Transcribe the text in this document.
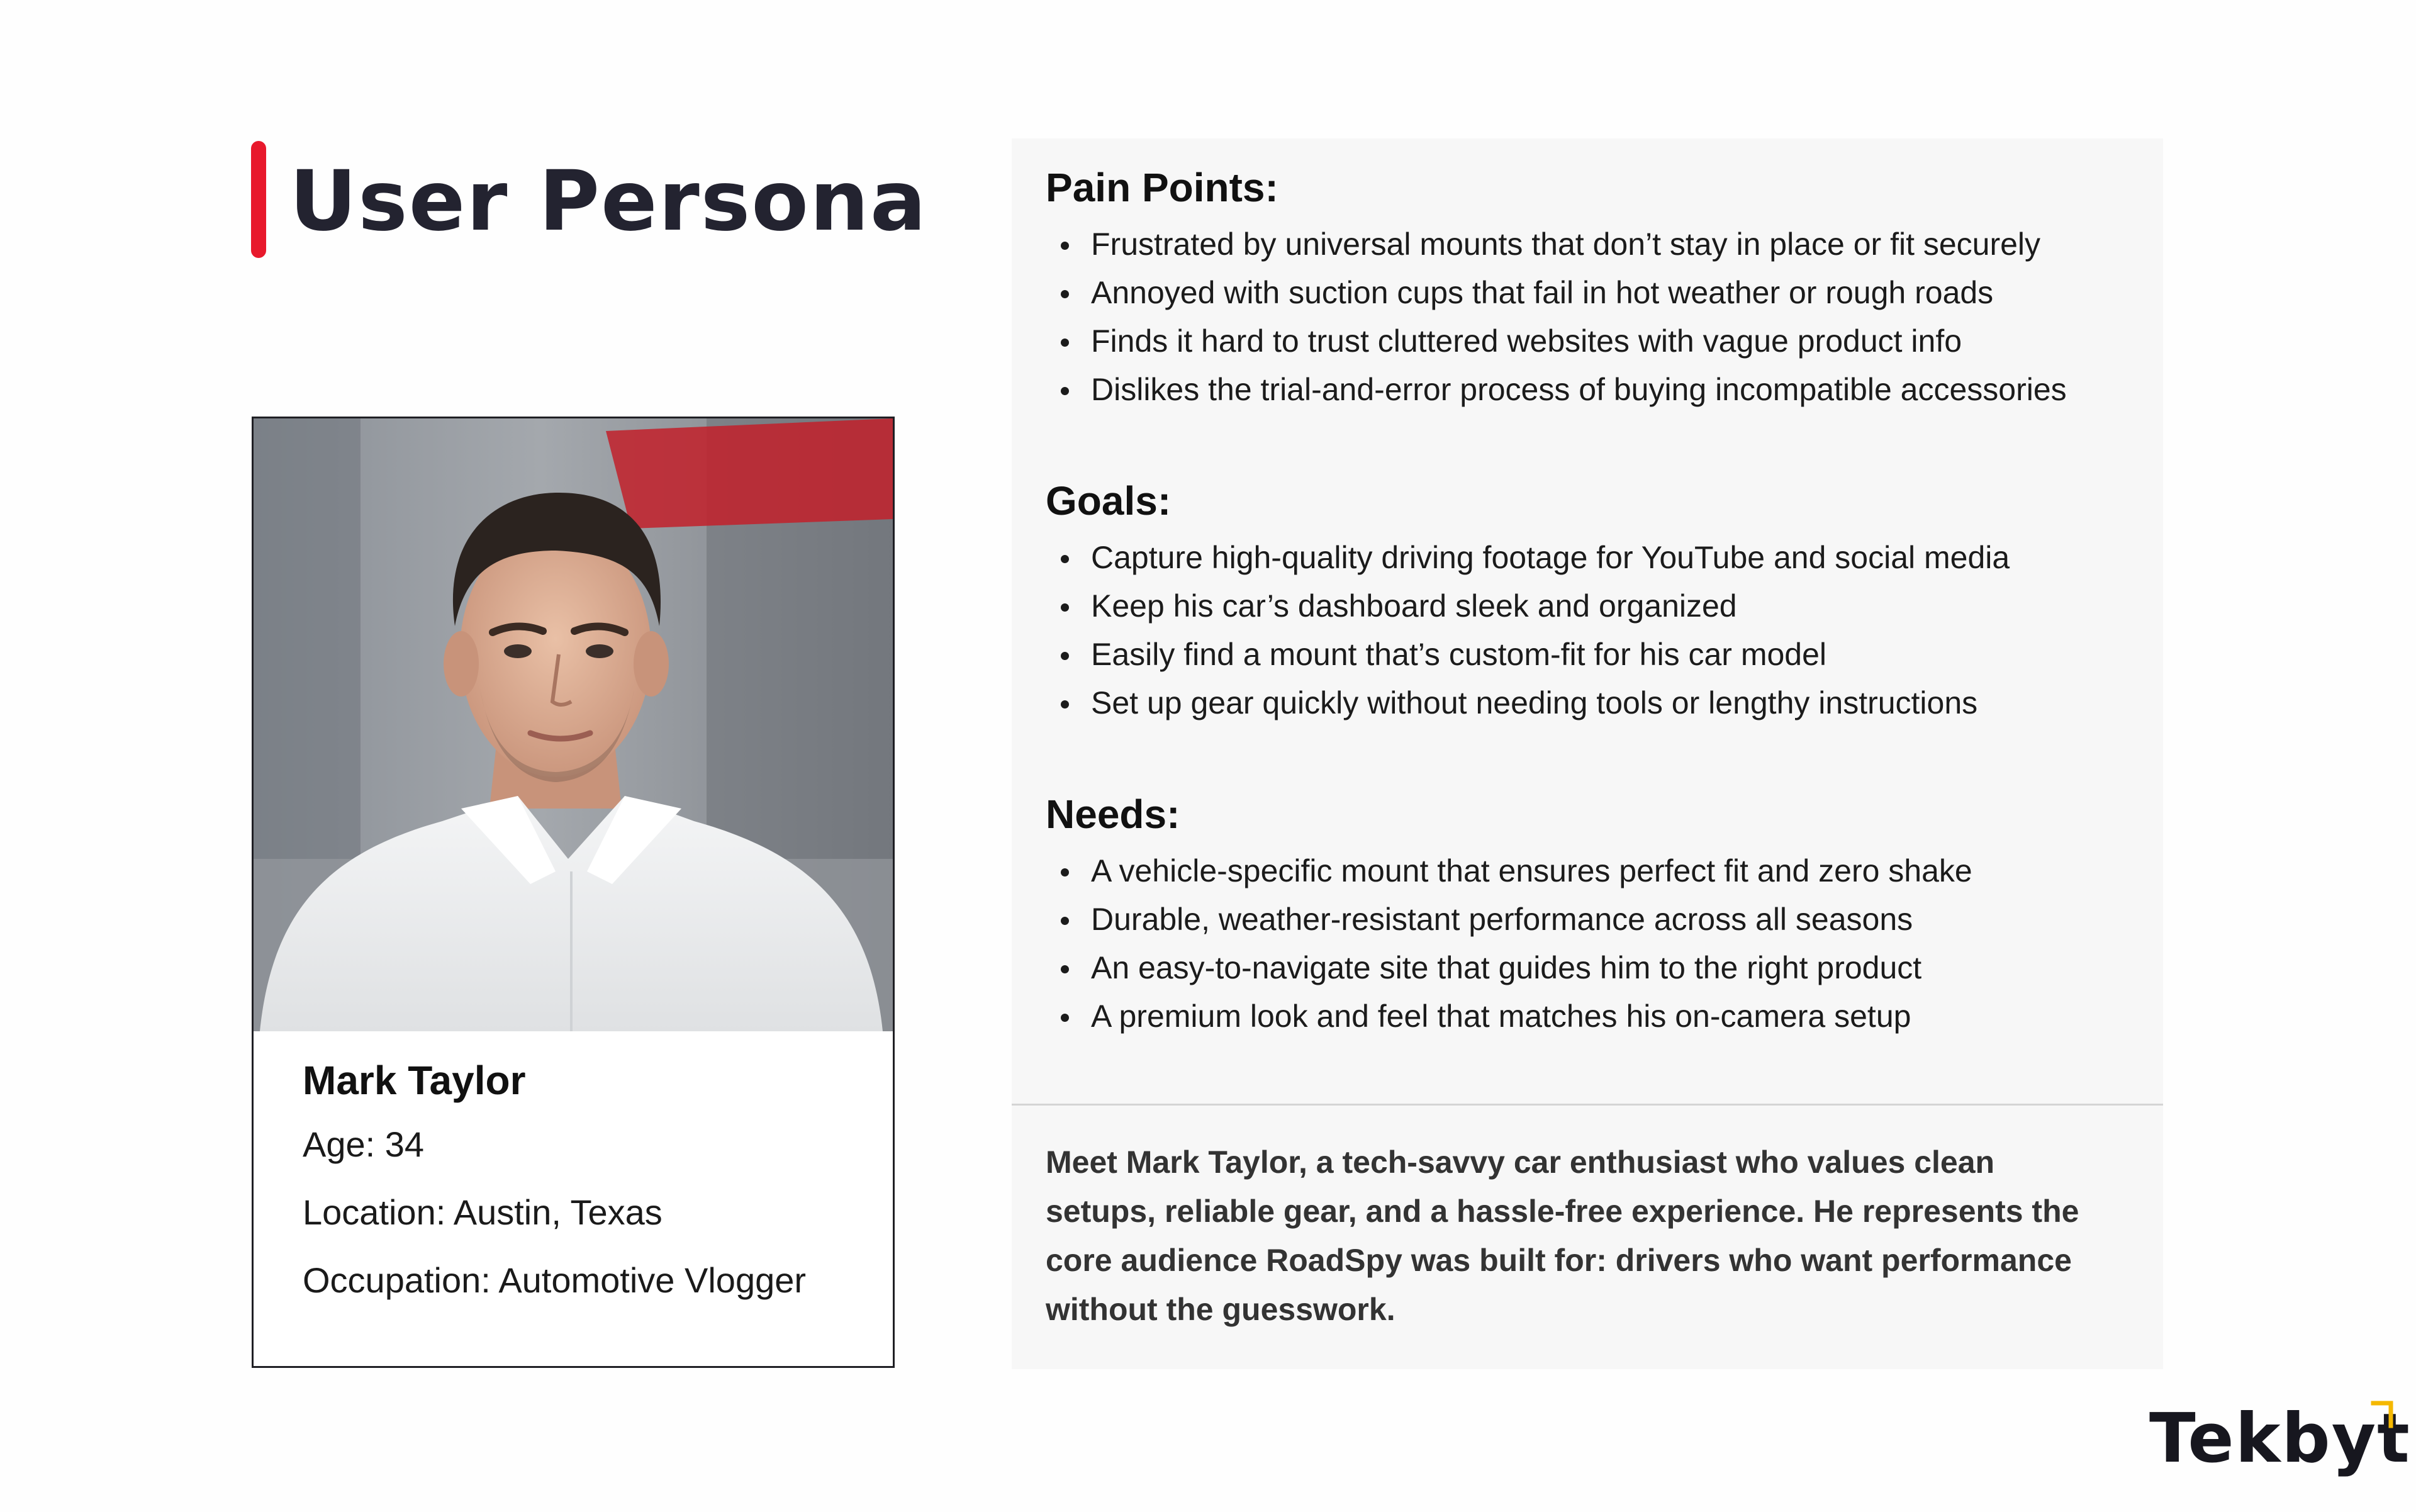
User Persona

Mark Taylor

Age: 34

Location: Austin, Texas

Occupation: Automotive Vlogger

Pain Points:
Frustrated by universal mounts that don’t stay in place or fit securely
Annoyed with suction cups that fail in hot weather or rough roads
Finds it hard to trust cluttered websites with vague product info
Dislikes the trial-and-error process of buying incompatible accessories
Goals:
Capture high-quality driving footage for YouTube and social media
Keep his car’s dashboard sleek and organized
Easily find a mount that’s custom-fit for his car model
Set up gear quickly without needing tools or lengthy instructions
Needs:
A vehicle-specific mount that ensures perfect fit and zero shake
Durable, weather-resistant performance across all seasons
An easy-to-navigate site that guides him to the right product
A premium look and feel that matches his on-camera setup

Meet Mark Taylor, a tech-savvy car enthusiast who values clean setups, reliable gear, and a hassle-free experience. He represents the core audience RoadSpy was built for: drivers who want performance without the guesswork.

Tekbyt
